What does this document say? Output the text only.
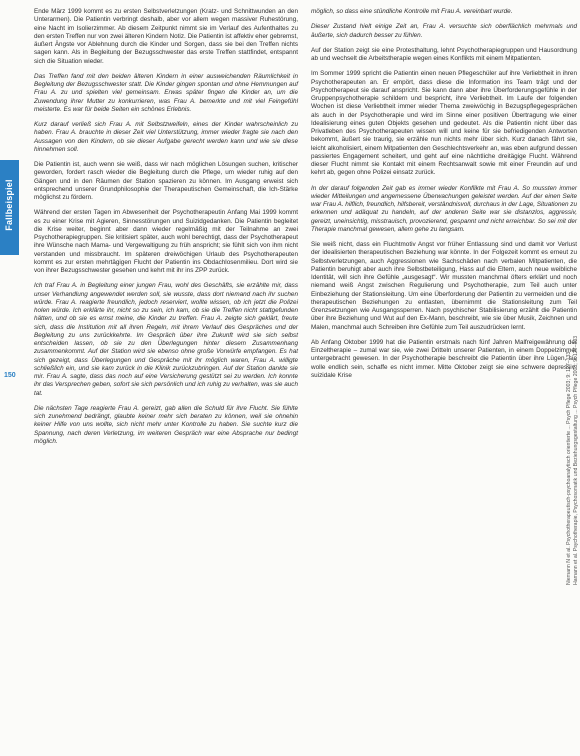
Fallbeispiel
150

Ende März 1999 kommt es zu ersten Selbstverletzungen (Kratz- und Schnittwunden an den Unterarmen). Die Patientin verbringt deshalb, aber vor allem wegen massiver Ruhestörung, eine Nacht im Isolierzimmer. Ab diesem Zeitpunkt nimmt sie im Verlauf des Aufenthaltes zu den ersten Treffen nur von zwei älteren Kindern Notiz. Die Patientin ist affektiv eher gebremst, äußert Ängste vor Ablehnung durch die Kinder und Sorgen, dass sie bei den Treffen nichts sagen kann. Als in Begleitung der Bezugsschwester das erste Treffen stattfindet, entspannt sich die Situation wieder.

Das Treffen fand mit den beiden älteren Kindern in einer ausweichenden Räumlichkeit in Begleitung der Bezugsschwester statt. Die Kinder gingen spontan und ohne Hemmungen auf Frau A. zu und spielten viel gemeinsam. Erwas später fingen die Kinder an, um die Zuwendung ihrer Mutter zu konkurrieren, was Frau A. bemerkte und mit viel Feingefühl meisterte. Es war für beide Seiten ein schönes Erlebnis.

Kurz darauf verließ sich Frau A. mit Selbstzweifeln, eines der Kinder wahrscheinlich zu haben. Frau A. brauchte in dieser Zeit viel Unterstützung, immer wieder fragte sie nach den Aussagen von den Kindern, ob sie dieser Aufgabe gerecht werden kann und wie sie diese hinnehmen soll.

Die Patientin ist, auch wenn sie weiß, dass wir nach möglichen Lösungen suchen, kritischer geworden, fordert rasch wieder die Begleitung durch die Pflege, um wieder ruhig auf den Gängen und in den Räumen der Station spazieren zu können. Im Ausgang erweist sich entsprechend unserer Grundphilosophie der Therapeutischen Gemeinschaft, die Ich-Stärke möglichst zu fördern.

Während der ersten Tagen im Abwesenheit der Psychotherapeutin Anfang Mai 1999 kommt es zu einer Krise mit Agieren, Sinnesstörungen und Suizidgedanken. Die Patientin begleitet die Krise weiter, beginnt aber dann wieder regelmäßig mit der Teilnahme an zwei Psychotherapiegruppen. Sie kritisiert später, auch wohl berechtigt, dass der Psychotherapeut ihre Wünsche nach Mama- und Vergewaltigung zu früh anspricht; sie fühlt sich von ihm nicht verstanden und missbraucht. Im späteren dreiwöchigen Urlaub des Psychotherapeuten kommt es zur ersten mehrtägigen Flucht der Patientin ins Obdachlosenmilieu. Dort wird sie von ihrer Bezugsschwester gesehen und kehrt mit ihr ins ZPP zurück.

Ich traf Frau A. in Begleitung einer jungen Frau, wohl des Geschäfts, sie erzählte mir, dass unser Verhandlung angewendet werden soll, sie wusste, dass dort niemand nach ihr suchen würde. Frau A. reagierte freundlich, jedoch reserviert, wollte wissen, ob ich jetzt die Polizei holen würde. Ich erklärte ihr, nicht so zu sein, ich kam, ob sie die Treffen nicht stattgefunden hätten, und ob sie es ernst meine, die Kinder zu treffen. Frau A. zeigte sich geklärt, freute sich, dass die Institution mit all ihren Regeln, mit ihrem Verlauf des Gespräches und der Begleitung zu uns zurückkehrte. Im Gespräch über ihre Zukunft wird sie sich selbst entscheiden lassen, ob sie zu den Überlegungen hinter diesem Zusammenhang zusammenkommt. Auf der Station wird sie ebenso ohne große Vorwürfe empfangen. Es hat sich gezeigt, dass Überlegungen und Gespräche mit ihr möglich waren, Frau A. willigte schließlich ein, und sie kam zurück in die Klinik zurückzubringen. Auf der Station dankte sie mir. Frau A. sagte, dass das noch auf eine Versicherung gestützt sei zu werden. Ich konnte ihr das Versprechen geben, sofort sie sich persönlich und ich ruhig zu verhalten, was sie auch tat.

Die nächsten Tage reagierte Frau A. gereizt, gab allen die Schuld für ihre Flucht. Sie fühlte sich zunehmend bedrängt, glaubte keiner mehr sich beraten zu können, weil sie ohnehin keiner Hilfe von uns wollte, sich nicht mehr unter Kontrolle zu haben. Sie suchte kurz die Spannung, nach deren Verletzung, im weiteren Gespräch war eine Absprache nur bedingt möglich.

möglich, so dass eine stündliche Kontrolle mit Frau A. vereinbart wurde.

Dieser Zustand hielt einige Zeit an, Frau A. versuchte sich oberflächlich mehrmals und äußerte, sich dadurch besser zu fühlen.

Auf der Station zeigt sie eine Protesthaltung, lehnt Psychotherapiegruppen und Hausordnung ab und wechselt die Arbeitstherapie wegen eines Konflikts mit einem Mitpatienten.

Im Sommer 1999 spricht die Patientin einen neuen Pflegeschüler auf ihre Verliebtheit in ihren Psychotherapeuten an. Er empört, dass diese die Information ins Team trägt und der Psychotherapeut sie darauf anspricht. Sie kann dann aber ihre Überforderungsgefühle in der Gruppenpsychotherapie schildern und bespricht, ihre Verliebtheit. Im Laufe der folgenden Wochen ist diese Verliebtheit immer wieder Thema zweiwöchig in Bezugspflegegesprächen als auch in der Psychotherapie und wird im Sinne einer positiven Übertragung wie einer Idealisierung eines guten Objekts gesehen und gedeutet. Als die Patientin nicht über das Privatleben des Psychotherapeuten wissen will und keine für sie befriedigenden Antworten bekommt, äußert sie traurig, sie erzähle nun nichts mehr über sich. Kurz danach fährt sie, leicht alkoholisiert, einem Mitpatienten den Geschlechtsverkehr an, was eben aufgrund dessen passiertes Engagement scheitert, und geht auf eine nächtliche dreitägige Flucht. Während dieser Flucht nimmt sie Kontakt mit einem Rechtsanwalt sowie mit einer Freundin auf und kehrt ab, gegen ohne Polizei einsatz zurück.

In der darauf folgenden Zeit gab es immer wieder Konflikte mit Frau A. So mussten immer wieder Mitteilungen und angemessene Überwachungen geleistet werden. Auf der einen Seite war Frau A. hilflich, freundlich, hilfsbereit, verständnisvoll, durchaus in der Lage, Situationen zu erkennen und adäquat zu handeln, auf der anderen Seite war sie distanzlos, aggressiv, gereizt, uneinsichtig, misstrauisch, provozierend, gespannt und nicht erreichbar. So sei mit der Therapie manchmal gewesen, allem gehe zu langsam.

Sie weiß nicht, dass ein Fluchtmotiv Angst vor früher Entlassung sind und damit vor Verlust der idealisierten therapeutischen Beziehung war könnte. In der Folgezeit kommt es erneut zu Selbstverletzungen, auch Aggressionen wie Sachschäden nach verbalen Mitpatienten, die Patientin beruhigt aber auch ihre Selbstbeteiligung, Hass auf die Eltern, auch neue weibliche Identität, will sich ihre Gefühle „ausgesagt“. Wir mussten manchmal öfters erklärt und noch niemand weiß Angst zwischen Regulierung und Psychotherapie, zum Teil auch unter Einbeziehung der Stationsleitung. Um eine Überforderung der Patientin zu vermeiden und die therapeutischen Beziehungen zu entlasten, übernimmt die Stationsleitung zum Teil Grenzsetzungen wie Ausgangssperren. Nach psychischer Stabilisierung erzählt die Patientin über ihre Beziehung und Wut auf den Ex-Mann, beschreibt, wie sie über Musik, Zeichnen und Malen, manchmal auch Schreiben ihre Gefühle zum Teil auszudrücken lernt.

Ab Anfang Oktober 1999 hat die Patientin erstmals nach fünf Jahren Malfreigewährung der Einzeltherapie – zumal war sie, wie zwei Dritteln unserer Patienten, in einem Doppelzimmer untergebracht gewesen. In der Psychotherapie beschreibt die Patientin über ihre Lügen, sie wolle endlich sein, schaffe es nicht immer. Mitte Oktober zeigt sie eine schwere depressiv-suizidale Krise	Niemann N et al. Psychotherapeutisch-psychoanalytisch orientierte ... Psych Pflege 2003; 9: 127–133 Hamann et al. Psychotherapie, Psychosomatik und Beziehungsgestaltung ... Psych Pflege 2003; 9: 127–133
